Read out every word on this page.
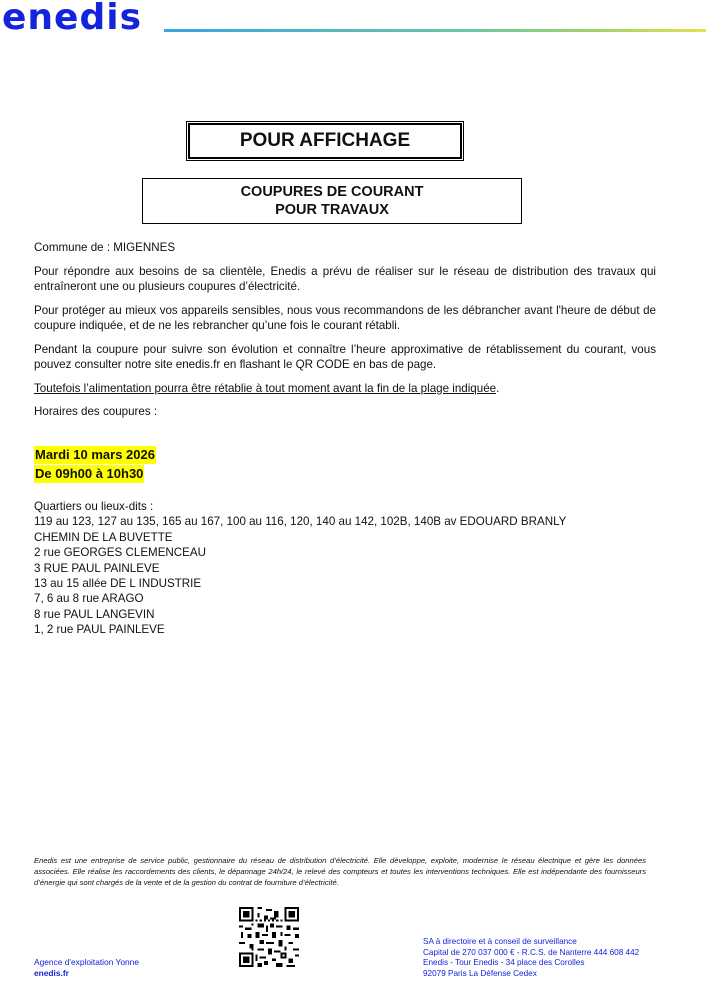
enedis
POUR AFFICHAGE
COUPURES DE COURANT
POUR TRAVAUX

Commune de : MIGENNES

Pour répondre aux besoins de sa clientèle, Enedis a prévu de réaliser sur le réseau de distribution des travaux qui entraîneront une ou plusieurs coupures d’électricité.

Pour protéger au mieux vos appareils sensibles, nous vous recommandons de les débrancher avant l'heure de début de coupure indiquée, et de ne les rebrancher qu’une fois le courant rétabli.

Pendant la coupure pour suivre son évolution et connaître l’heure approximative de rétablissement du courant, vous pouvez consulter notre site enedis.fr en flashant le QR CODE en bas de page.

Toutefois l’alimentation pourra être rétablie à tout moment avant la fin de la plage indiquée.

Horaires des coupures :

Mardi 10 mars 2026
De 09h00 à 10h30
Quartiers ou lieux-dits :
119 au 123, 127 au 135, 165 au 167, 100 au 116, 120, 140 au 142, 102B, 140B av EDOUARD BRANLY
CHEMIN DE LA BUVETTE
2 rue GEORGES CLEMENCEAU
3 RUE PAUL PAINLEVE
13 au 15 allée DE L INDUSTRIE
7, 6 au 8 rue ARAGO
8 rue PAUL LANGEVIN
1, 2 rue PAUL PAINLEVE
Enedis est une entreprise de service public, gestionnaire du réseau de distribution d’électricité. Elle développe, exploite, modernise le réseau électrique et gère les données associées. Elle réalise les raccordements des clients, le dépannage 24h/24, le relevé des compteurs et toutes les interventions techniques. Elle est indépendante des fournisseurs d’énergie qui sont chargés de la vente et de la gestion du contrat de fourniture d’électricité.
Agence d'exploitation Yonne
enedis.fr
SA à directoire et à conseil de surveillance
Capital de 270 037 000 € - R.C.S. de Nanterre 444 608 442
Enedis - Tour Enedis - 34 place des Corolles
92079 Paris La Défense Cedex
